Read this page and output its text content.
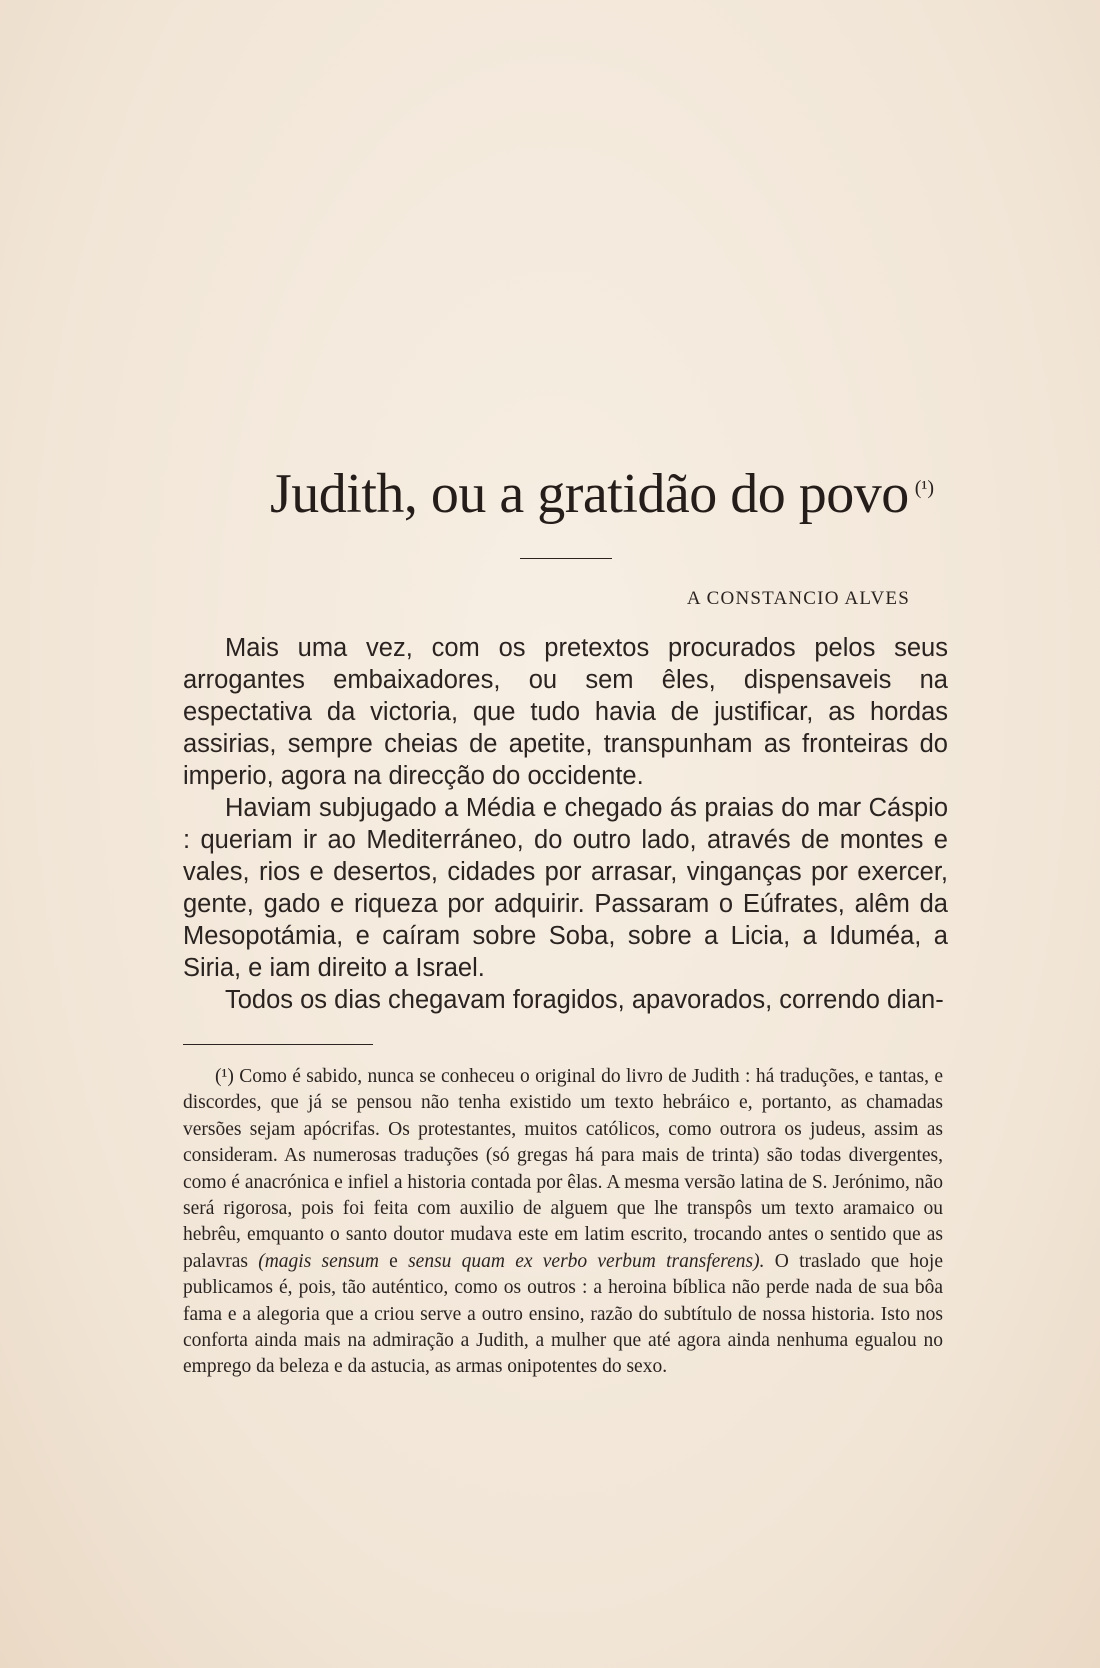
Judith, ou a gratidão do povo (¹)
A CONSTANCIO ALVES

Mais uma vez, com os pretextos procurados pelos seus arrogantes embaixadores, ou sem êles, dispensaveis na espectativa da victoria, que tudo havia de justificar, as hordas assirias, sempre cheias de apetite, transpunham as fronteiras do imperio, agora na direcção do occidente.

Haviam subjugado a Média e chegado ás praias do mar Cáspio : queriam ir ao Mediterráneo, do outro lado, através de montes e vales, rios e desertos, cidades por arrasar, vinganças por exercer, gente, gado e riqueza por adquirir. Passaram o Eúfrates, alêm da Mesopotámia, e caíram sobre Soba, sobre a Licia, a Iduméa, a Siria, e iam direito a Israel.

Todos os dias chegavam foragidos, apavorados, correndo dian-

(¹) Como é sabido, nunca se conheceu o original do livro de Judith : há traduções, e tantas, e discordes, que já se pensou não tenha existido um texto hebráico e, portanto, as chamadas versões sejam apócrifas. Os protestantes, muitos católicos, como outrora os judeus, assim as consideram. As numerosas traduções (só gregas há para mais de trinta) são todas divergentes, como é anacrónica e infiel a historia contada por êlas. A mesma versão latina de S. Jerónimo, não será rigorosa, pois foi feita com auxilio de alguem que lhe transpôs um texto aramaico ou hebrêu, emquanto o santo doutor mudava este em latim escrito, trocando antes o sentido que as palavras (magis sensum e sensu quam ex verbo verbum transferens). O traslado que hoje publicamos é, pois, tão auténtico, como os outros : a heroina bíblica não perde nada de sua bôa fama e a alegoria que a criou serve a outro ensino, razão do subtítulo de nossa historia. Isto nos conforta ainda mais na admiração a Judith, a mulher que até agora ainda nenhuma egualou no emprego da beleza e da astucia, as armas onipotentes do sexo.
